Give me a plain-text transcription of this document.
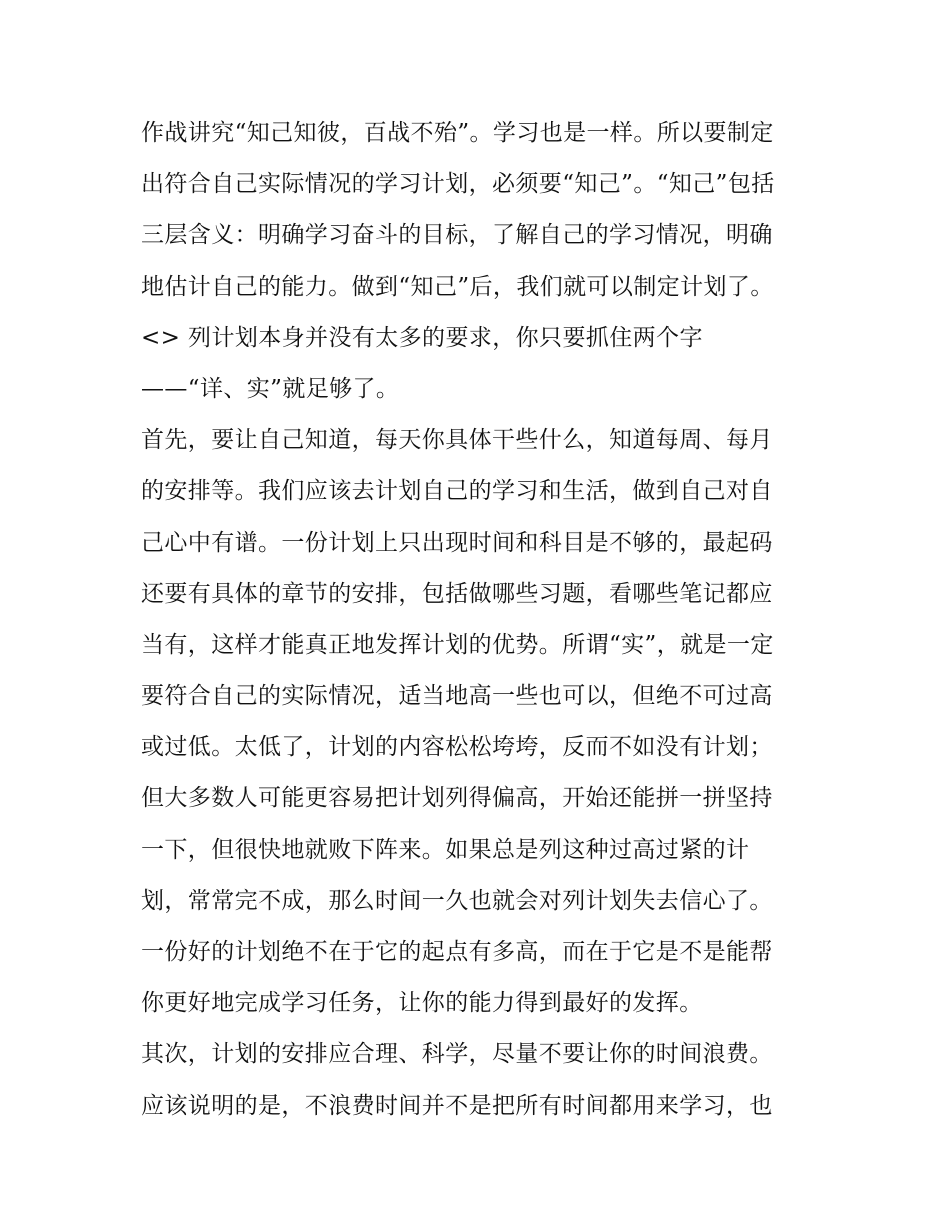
作战讲究“知己知彼，百战不殆”。学习也是一样。所以要制定
出符合自己实际情况的学习计划，必须要“知己”。“知己”包括
三层含义：明确学习奋斗的目标，了解自己的学习情况，明确
地估计自己的能力。做到“知己”后，我们就可以制定计划了。
<> 列计划本身并没有太多的要求，你只要抓住两个字
——“详、实”就足够了。
首先，要让自己知道，每天你具体干些什么，知道每周、每月
的安排等。我们应该去计划自己的学习和生活，做到自己对自
己心中有谱。一份计划上只出现时间和科目是不够的，最起码
还要有具体的章节的安排，包括做哪些习题，看哪些笔记都应
当有，这样才能真正地发挥计划的优势。所谓“实”，就是一定
要符合自己的实际情况，适当地高一些也可以，但绝不可过高
或过低。太低了，计划的内容松松垮垮，反而不如没有计划；
但大多数人可能更容易把计划列得偏高，开始还能拼一拼坚持
一下，但很快地就败下阵来。如果总是列这种过高过紧的计
划，常常完不成，那么时间一久也就会对列计划失去信心了。
一份好的计划绝不在于它的起点有多高，而在于它是不是能帮
你更好地完成学习任务，让你的能力得到最好的发挥。
其次，计划的安排应合理、科学，尽量不要让你的时间浪费。
应该说明的是，不浪费时间并不是把所有时间都用来学习，也
